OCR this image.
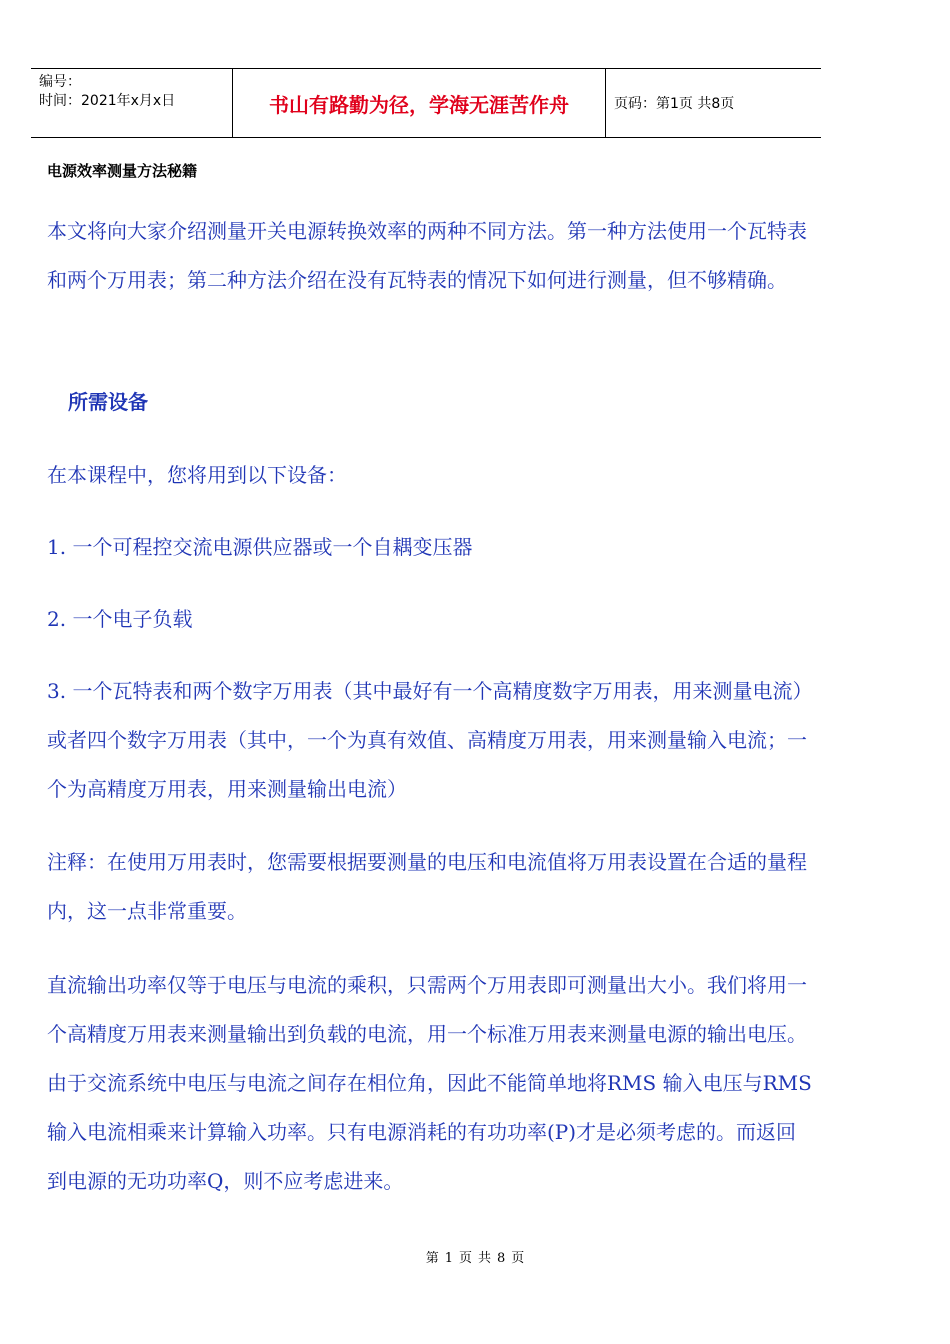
编号：
时间：2021年x月x日	书山有路勤为径，学海无涯苦作舟	页码：第1页 共8页
电源效率测量方法秘籍

本文将向大家介绍测量开关电源转换效率的两种不同方法。第一种方法使用一个瓦特表和两个万用表；第二种方法介绍在没有瓦特表的情况下如何进行测量，但不够精确。

所需设备

在本课程中，您将用到以下设备：

1. 一个可程控交流电源供应器或一个自耦变压器

2. 一个电子负载

3. 一个瓦特表和两个数字万用表（其中最好有一个高精度数字万用表，用来测量电流）或者四个数字万用表（其中，一个为真有效值、高精度万用表，用来测量输入电流；一个为高精度万用表，用来测量输出电流）

注释：在使用万用表时，您需要根据要测量的电压和电流值将万用表设置在合适的量程内，这一点非常重要。

直流输出功率仅等于电压与电流的乘积，只需两个万用表即可测量出大小。我们将用一个高精度万用表来测量输出到负载的电流，用一个标准万用表来测量电源的输出电压。由于交流系统中电压与电流之间存在相位角，因此不能简单地将RMS 输入电压与RMS 输入电流相乘来计算输入功率。只有电源消耗的有功功率(P)才是必须考虑的。而返回到电源的无功功率Q，则不应考虑进来。

第 1 页 共 8 页
